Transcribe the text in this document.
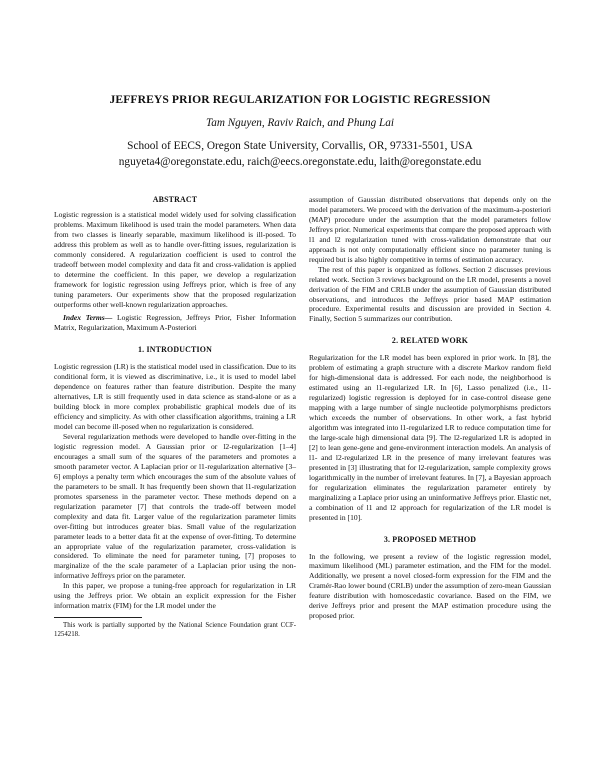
JEFFREYS PRIOR REGULARIZATION FOR LOGISTIC REGRESSION

Tam Nguyen, Raviv Raich, and Phung Lai

School of EECS, Oregon State University, Corvallis, OR, 97331-5501, USA
nguyeta4@oregonstate.edu, raich@eecs.oregonstate.edu, laith@oregonstate.edu

ABSTRACT

Logistic regression is a statistical model widely used for solving classification problems. Maximum likelihood is used train the model parameters. When data from two classes is linearly separable, maximum likelihood is ill-posed. To address this problem as well as to handle over-fitting issues, regularization is commonly considered. A regularization coefficient is used to control the tradeoff between model complexity and data fit and cross-validation is applied to determine the coefficient. In this paper, we develop a regularization framework for logistic regression using Jeffreys prior, which is free of any tuning parameters. Our experiments show that the proposed regularization outperforms other well-known regularization approaches.

Index Terms— Logistic Regression, Jeffreys Prior, Fisher Information Matrix, Regularization, Maximum A-Posteriori

1. INTRODUCTION

Logistic regression (LR) is the statistical model used in classification. Due to its conditional form, it is viewed as discriminative, i.e., it is used to model label dependence on features rather than feature distribution. Despite the many alternatives, LR is still frequently used in data science as stand-alone or as a building block in more complex probabilistic graphical models due of its efficiency and simplicity. As with other classification algorithms, training a LR model can become ill-posed when no regularization is considered.

Several regularization methods were developed to handle over-fitting in the logistic regression model. A Gaussian prior or l2-regularization [1–4] encourages a small sum of the squares of the parameters and promotes a smooth parameter vector. A Laplacian prior or l1-regularization alternative [3–6] employs a penalty term which encourages the sum of the absolute values of the parameters to be small. It has frequently been shown that l1-regularization promotes sparseness in the parameter vector. These methods depend on a regularization parameter [7] that controls the trade-off between model complexity and data fit. Larger value of the regularization parameter limits over-fitting but introduces greater bias. Small value of the regularization parameter leads to a better data fit at the expense of over-fitting. To determine an appropriate value of the regularization parameter, cross-validation is considered. To eliminate the need for parameter tuning, [7] proposes to marginalize of the the scale parameter of a Laplacian prior using the non-informative Jeffreys prior on the parameter.

In this paper, we propose a tuning-free approach for regularization in LR using the Jeffreys prior. We obtain an explicit expression for the Fisher information matrix (FIM) for the LR model under the

This work is partially supported by the National Science Foundation grant CCF-1254218.

assumption of Gaussian distributed observations that depends only on the model parameters. We proceed with the derivation of the maximum-a-posteriori (MAP) procedure under the assumption that the model parameters follow Jeffreys prior. Numerical experiments that compare the proposed approach with l1 and l2 regularization tuned with cross-validation demonstrate that our approach is not only computationally efficient since no parameter tuning is required but is also highly competitive in terms of estimation accuracy.

The rest of this paper is organized as follows. Section 2 discusses previous related work. Section 3 reviews background on the LR model, presents a novel derivation of the FIM and CRLB under the assumption of Gaussian distributed observations, and introduces the Jeffreys prior based MAP estimation procedure. Experimental results and discussion are provided in Section 4. Finally, Section 5 summarizes our contribution.

2. RELATED WORK

Regularization for the LR model has been explored in prior work. In [8], the problem of estimating a graph structure with a discrete Markov random field for high-dimensional data is addressed. For each node, the neighborhood is estimated using an l1-regularized LR. In [6], Lasso penalized (i.e., l1-regularized) logistic regression is deployed for in case-control disease gene mapping with a large number of single nucleotide polymorphisms predictors which exceeds the number of observations. In other work, a fast hybrid algorithm was integrated into l1-regularized LR to reduce computation time for the large-scale high dimensional data [9]. The l2-regularized LR is adopted in [2] to lean gene-gene and gene-environment interaction models. An analysis of l1- and l2-regularized LR in the presence of many irrelevant features was presented in [3] illustrating that for l2-regularization, sample complexity grows logarithmically in the number of irrelevant features. In [7], a Bayesian approach for regularization eliminates the regularization parameter entirely by marginalizing a Laplace prior using an uninformative Jeffreys prior. Elastic net, a combination of l1 and l2 approach for regularization of the LR model is presented in [10].

3. PROPOSED METHOD

In the following, we present a review of the logistic regression model, maximum likelihood (ML) parameter estimation, and the FIM for the model. Additionally, we present a novel closed-form expression for the FIM and the Cramér-Rao lower bound (CRLB) under the assumption of zero-mean Gaussian feature distribution with homoscedastic covariance. Based on the FIM, we derive Jeffreys prior and present the MAP estimation procedure using the proposed prior.
